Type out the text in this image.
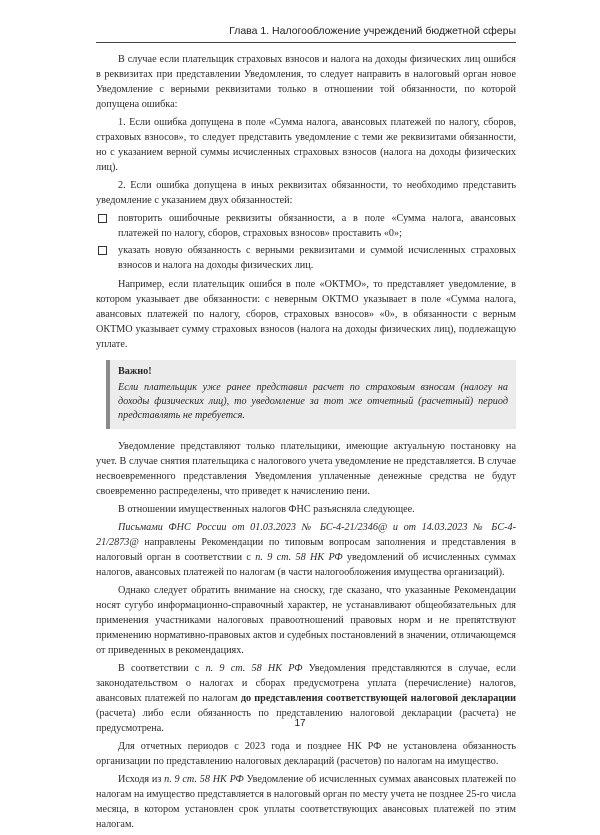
Глава 1. Налогообложение учреждений бюджетной сферы

В случае если плательщик страховых взносов и налога на доходы физических лиц ошибся в реквизитах при представлении Уведомления, то следует направить в налоговый орган новое Уведомление с верными реквизитами только в отношении той обязанности, по которой допущена ошибка:

1. Если ошибка допущена в поле «Сумма налога, авансовых платежей по налогу, сборов, страховых взносов», то следует представить уведомление с теми же реквизитами обязанности, но с указанием верной суммы исчисленных страховых взносов (налога на доходы физических лиц).

2. Если ошибка допущена в иных реквизитах обязанности, то необходимо представить уведомление с указанием двух обязанностей:

повторить ошибочные реквизиты обязанности, а в поле «Сумма налога, авансовых платежей по налогу, сборов, страховых взносов» проставить «0»;
указать новую обязанность с верными реквизитами и суммой исчисленных страховых взносов и налога на доходы физических лиц.

Например, если плательщик ошибся в поле «ОКТМО», то представляет уведомление, в котором указывает две обязанности: с неверным ОКТМО указывает в поле «Сумма налога, авансовых платежей по налогу, сборов, страховых взносов» «0», в обязанности с верным ОКТМО указывает сумму страховых взносов (налога на доходы физических лиц), подлежащую уплате.

Важно!
Если плательщик уже ранее представил расчет по страховым взносам (налогу на доходы физических лиц), то уведомление за тот же отчетный (расчетный) период представлять не требуется.

Уведомление представляют только плательщики, имеющие актуальную постановку на учет. В случае снятия плательщика с налогового учета уведомление не представляется. В случае несвоевременного представления Уведомления уплаченные денежные средства не будут своевременно распределены, что приведет к начислению пени.

В отношении имущественных налогов ФНС разъясняла следующее.

Письмами ФНС России от 01.03.2023 № БС-4-21/2346@ и от 14.03.2023 № БС-4-21/2873@ направлены Рекомендации по типовым вопросам заполнения и представления в налоговый орган в соответствии с п. 9 ст. 58 НК РФ уведомлений об исчисленных суммах налогов, авансовых платежей по налогам (в части налогообложения имущества организаций).

Однако следует обратить внимание на сноску, где сказано, что указанные Рекомендации носят сугубо информационно-справочный характер, не устанавливают общеобязательных для применения участниками налоговых правоотношений правовых норм и не препятствуют применению нормативно-правовых актов и судебных постановлений в значении, отличающемся от приведенных в рекомендациях.

В соответствии с п. 9 ст. 58 НК РФ Уведомления представляются в случае, если законодательством о налогах и сборах предусмотрена уплата (перечисление) налогов, авансовых платежей по налогам до представления соответствующей налоговой декларации (расчета) либо если обязанность по представлению налоговой декларации (расчета) не предусмотрена.

Для отчетных периодов с 2023 года и позднее НК РФ не установлена обязанность организации по представлению налоговых деклараций (расчетов) по налогам на имущество.

Исходя из п. 9 ст. 58 НК РФ Уведомление об исчисленных суммах авансовых платежей по налогам на имущество представляется в налоговый орган по месту учета не позднее 25-го числа месяца, в котором установлен срок уплаты соответствующих авансовых платежей по этим налогам.

17
